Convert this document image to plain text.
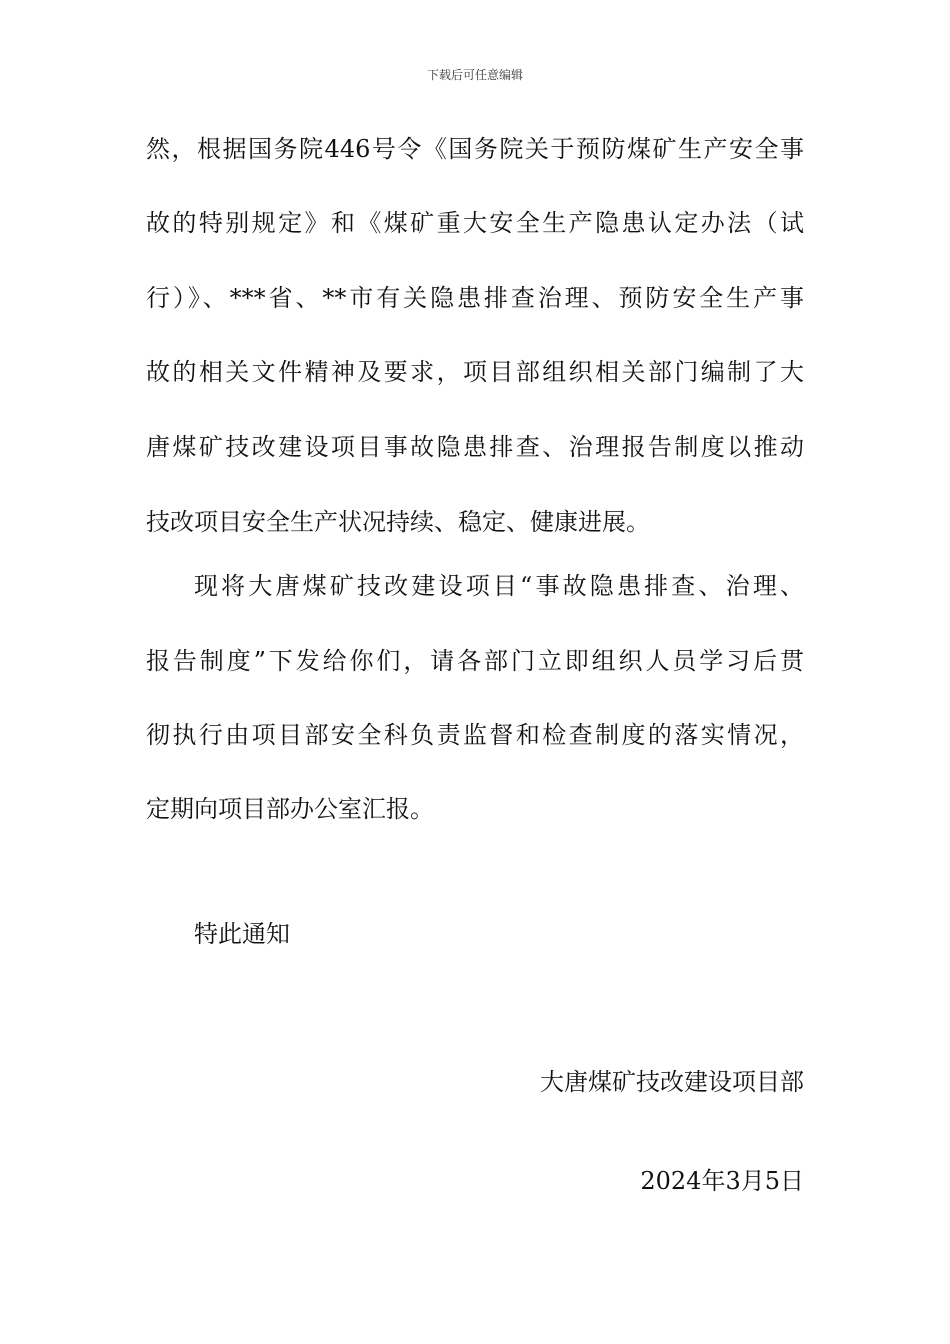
下载后可任意编辑
然，根据国务院446号令《国务院关于预防煤矿生产安全事
故的特别规定》和《煤矿重大安全生产隐患认定办法（试
行）》、***省、**市有关隐患排查治理、预防安全生产事
故的相关文件精神及要求，项目部组织相关部门编制了大
唐煤矿技改建设项目事故隐患排查、治理报告制度以推动
技改项目安全生产状况持续、稳定、健康进展。
现将大唐煤矿技改建设项目“事故隐患排查、治理、
报告制度”下发给你们，请各部门立即组织人员学习后贯
彻执行由项目部安全科负责监督和检查制度的落实情况，
定期向项目部办公室汇报。
特此通知
大唐煤矿技改建设项目部
2024年3月5日
